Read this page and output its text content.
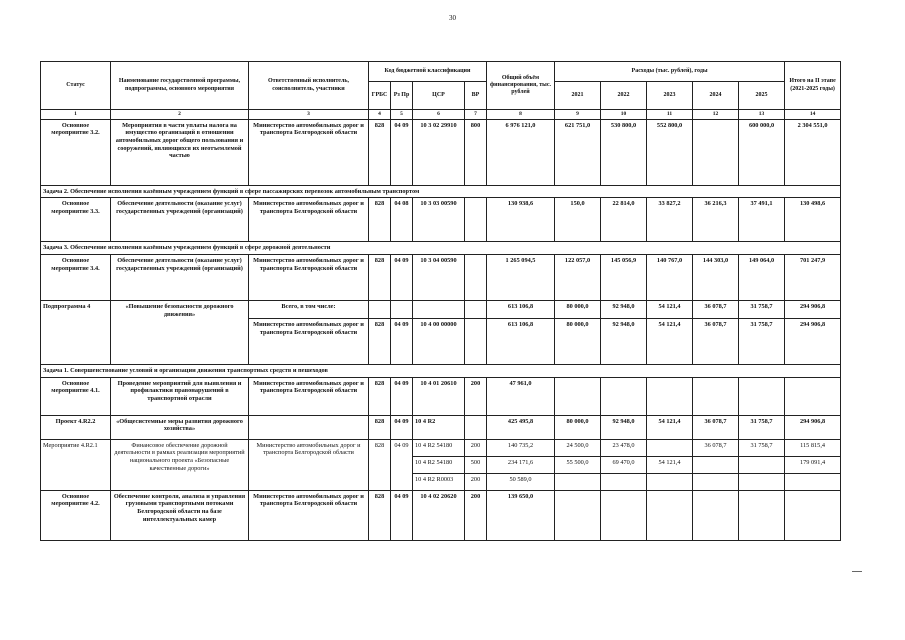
30
Статус	Наименование государственной программы, подпрограммы, основного мероприятия	Ответственный исполнитель, соисполнитель, участники	Код бюджетной классификации				Общий объём финансирования, тыс. рублей	Расходы (тыс. рублей), годы					Итого на II этапе (2021-2025 годы)
			ГРБС	Рз Пр	ЦСР	ВР		2021	2022	2023	2024	2025	
1	2	3	4	5	6	7	8	9	10	11	12	13	14
Основное мероприятие 3.2.	Мероприятия в части уплаты налога на имущество организаций в отношении автомобильных дорог общего пользования и сооружений, являющихся их неотъемлемой частью	Министерство автомобильных дорог и транспорта Белгородской области	828	04 09	10 3 02 29910	800	6 976 121,0	621 751,0	530 800,0	552 800,0		600 000,0	2 304 551,0
Задача 2. Обеспечение исполнения казённым учреждением функций в сфере пассажирских перевозок автомобильным транспортом													
Основное мероприятие 3.3.	Обеспечение деятельности (оказание услуг) государственных учреждений (организаций)	Министерство автомобильных дорог и транспорта Белгородской области	828	04 08	10 3 03 00590		130 938,6	150,0	22 814,0	33 827,2	36 216,3	37 491,1	130 498,6
Задача 3. Обеспечение исполнения казённым учреждением функций в сфере дорожной деятельности													
Основное мероприятие 3.4.	Обеспечение деятельности (оказание услуг) государственных учреждений (организаций)	Министерство автомобильных дорог и транспорта Белгородской области	828	04 09	10 3 04 00590		1 265 094,5	122 057,0	145 056,9	140 767,0	144 303,0	149 064,0	701 247,9
Подпрограмма 4	«Повышение безопасности дорожного движения»	Всего, в том числе:					613 106,8	80 000,0	92 948,0	54 121,4	36 078,7	31 758,7	294 906,8
		Министерство автомобильных дорог и транспорта Белгородской области	828	04 09	10 4 00 00000		613 106,8	80 000,0	92 948,0	54 121,4	36 078,7	31 758,7	294 906,8
Задача 1. Совершенствование условий и организации движения транспортных средств и пешеходов													
Основное мероприятие 4.1.	Проведение мероприятий для выявления и профилактики правонарушений в транспортной отрасли	Министерство автомобильных дорог и транспорта Белгородской области	828	04 09	10 4 01 20610	200	47 961,0						
Проект 4.R2.2	«Общесистемные меры развития дорожного хозяйства»		828	04 09	10 4 R2		425 495,8	80 000,0	92 948,0	54 121,4	36 078,7	31 758,7	294 906,8
Мероприятие 4.R2.1	Финансовое обеспечение дорожной деятельности в рамках реализации мероприятий национального проекта «Безопасные качественные дороги»	Министерство автомобильных дорог и транспорта Белгородской области	828	04 09	10 4 R2 54180	200	140 735,2	24 500,0	23 478,0		36 078,7	31 758,7	115 815,4
					10 4 R2 54180	500	234 171,6	55 500,0	69 470,0	54 121,4			179 091,4
					10 4 R2 R0003	200	50 589,0						
Основное мероприятие 4.2.	Обеспечение контроля, анализа и управления грузовыми транспортными потоками Белгородской области на базе интеллектуальных камер	Министерство автомобильных дорог и транспорта Белгородской области	828	04 09	10 4 02 20620	200	139 650,0						
